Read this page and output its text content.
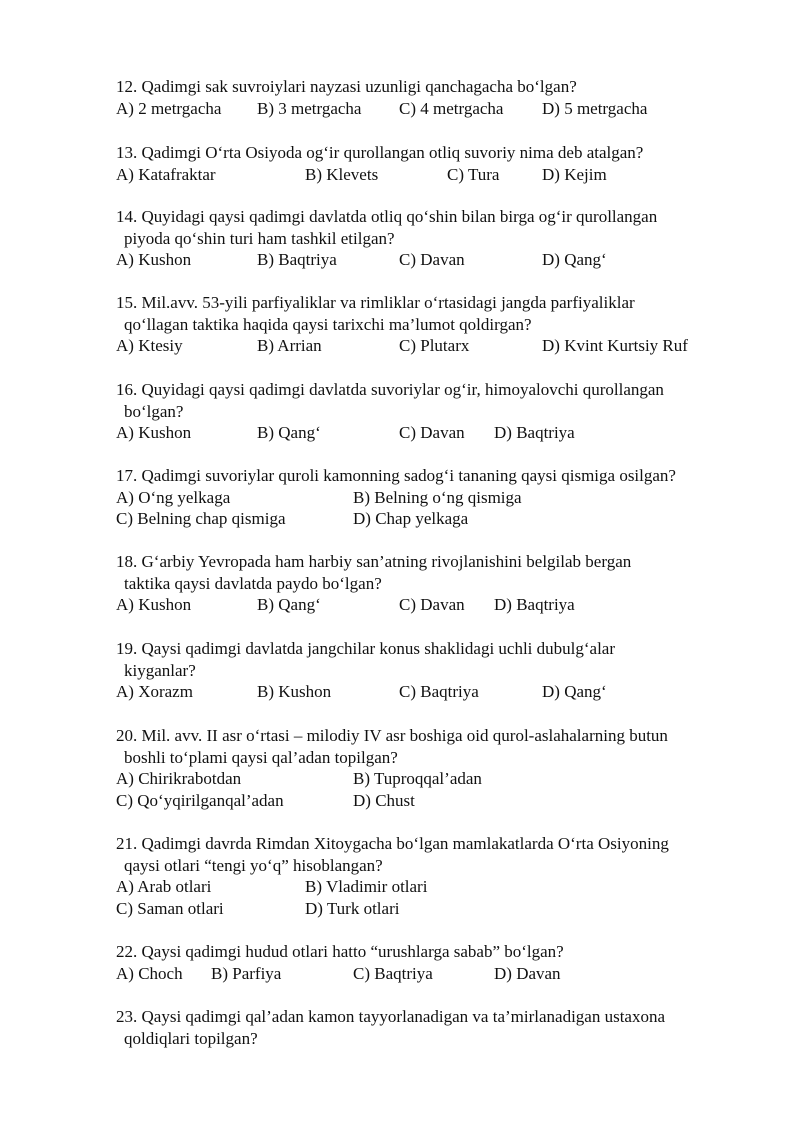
12. Qadimgi sak suvroiylari nayzasi uzunligi qanchagacha bo‘lgan?
A) 2 metrgacha B) 3 metrgacha C) 4 metrgacha D) 5 metrgacha
13. Qadimgi O‘rta Osiyoda og‘ir qurollangan otliq suvoriy nima deb atalgan?
A) Katafraktar	B) Klevets	C) Tura	D) Kejim
14. Quyidagi qaysi qadimgi davlatda otliq qo‘shin bilan birga og‘ir qurollangan

piyoda qo‘shin turi ham tashkil etilgan?
A) Kushon	B) Baqtriya	C) Davan	D) Qang‘
15. Mil.avv. 53-yili parfiyaliklar va rimliklar o‘rtasidagi jangda parfiyaliklar

qo‘llagan taktika haqida qaysi tarixchi ma’lumot qoldirgan?
A) Ktesiy	B) Arrian	C) Plutarx	D) Kvint Kurtsiy Ruf
16. Quyidagi qaysi qadimgi davlatda suvoriylar og‘ir, himoyalovchi qurollangan

bo‘lgan?
A) Kushon	B) Qang‘	C) Davan D) Baqtriya
17. Qadimgi suvoriylar quroli kamonning sadog‘i tananing qaysi qismiga osilgan?
A) O‘ng yelkaga	B) Belning o‘ng qismiga
C) Belning chap qismiga	D) Chap yelkaga
18. G‘arbiy Yevropada ham harbiy san’atning rivojlanishini belgilab bergan

taktika qaysi davlatda paydo bo‘lgan?
A) Kushon	B) Qang‘	C) Davan D) Baqtriya
19. Qaysi qadimgi davlatda jangchilar konus shaklidagi uchli dubulg‘alar

kiyganlar?
A) Xorazm	B) Kushon	C) Baqtriya	D) Qang‘
20. Mil. avv. II asr o‘rtasi – milodiy IV asr boshiga oid qurol-aslahalarning butun

boshli to‘plami qaysi qal’adan topilgan?
A) Chirikrabotdan	B) Tuproqqal’adan
C) Qo‘yqirilganqal’adan	D) Chust
21. Qadimgi davrda Rimdan Xitoygacha bo‘lgan mamlakatlarda O‘rta Osiyoning

qaysi otlari “tengi yo‘q” hisoblangan?
A) Arab otlari	B) Vladimir otlari
C) Saman otlari	D) Turk otlari
22. Qaysi qadimgi hudud otlari hatto “urushlarga sabab” bo‘lgan?
A) Choch B) Parfiya	C) Baqtriya	D) Davan
23. Qaysi qadimgi qal’adan kamon tayyorlanadigan va ta’mirlanadigan ustaxona

qoldiqlari topilgan?
